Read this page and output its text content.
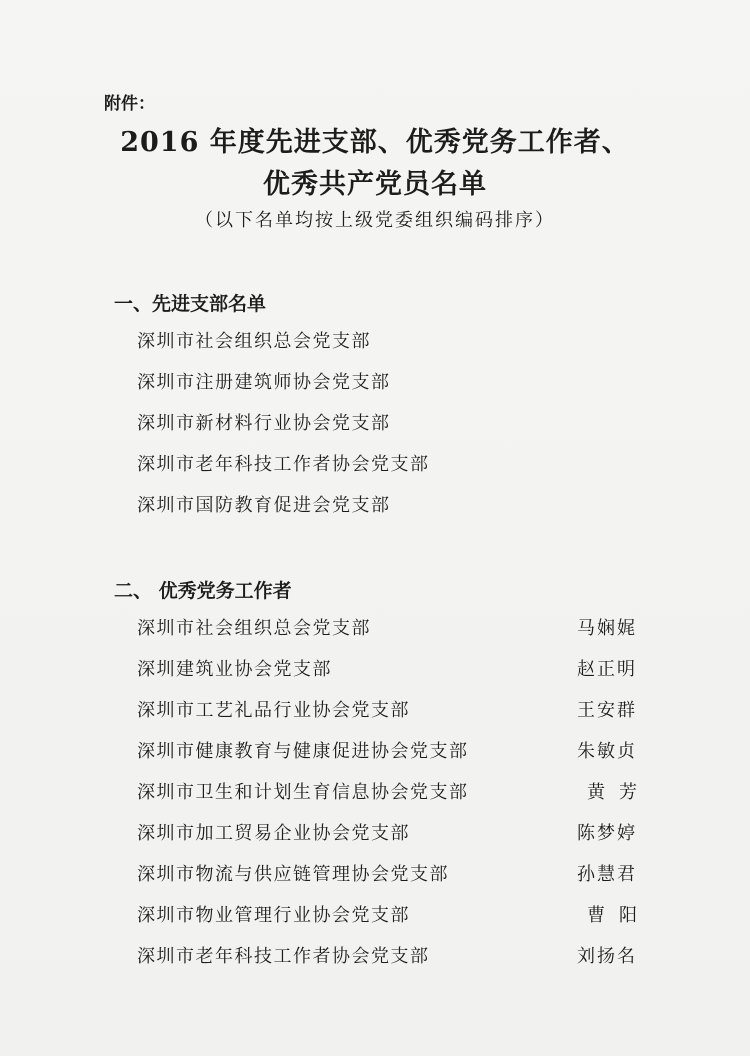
附件：
2016 年度先进支部、优秀党务工作者、
优秀共产党员名单
（以下名单均按上级党委组织编码排序）
一、先进支部名单
深圳市社会组织总会党支部
深圳市注册建筑师协会党支部
深圳市新材料行业协会党支部
深圳市老年科技工作者协会党支部
深圳市国防教育促进会党支部
二、 优秀党务工作者
深圳市社会组织总会党支部	马娴娓
深圳建筑业协会党支部	赵正明
深圳市工艺礼品行业协会党支部	王安群
深圳市健康教育与健康促进协会党支部	朱敏贞
深圳市卫生和计划生育信息协会党支部	黄芳
深圳市加工贸易企业协会党支部	陈梦婷
深圳市物流与供应链管理协会党支部	孙慧君
深圳市物业管理行业协会党支部	曹阳
深圳市老年科技工作者协会党支部	刘扬名
